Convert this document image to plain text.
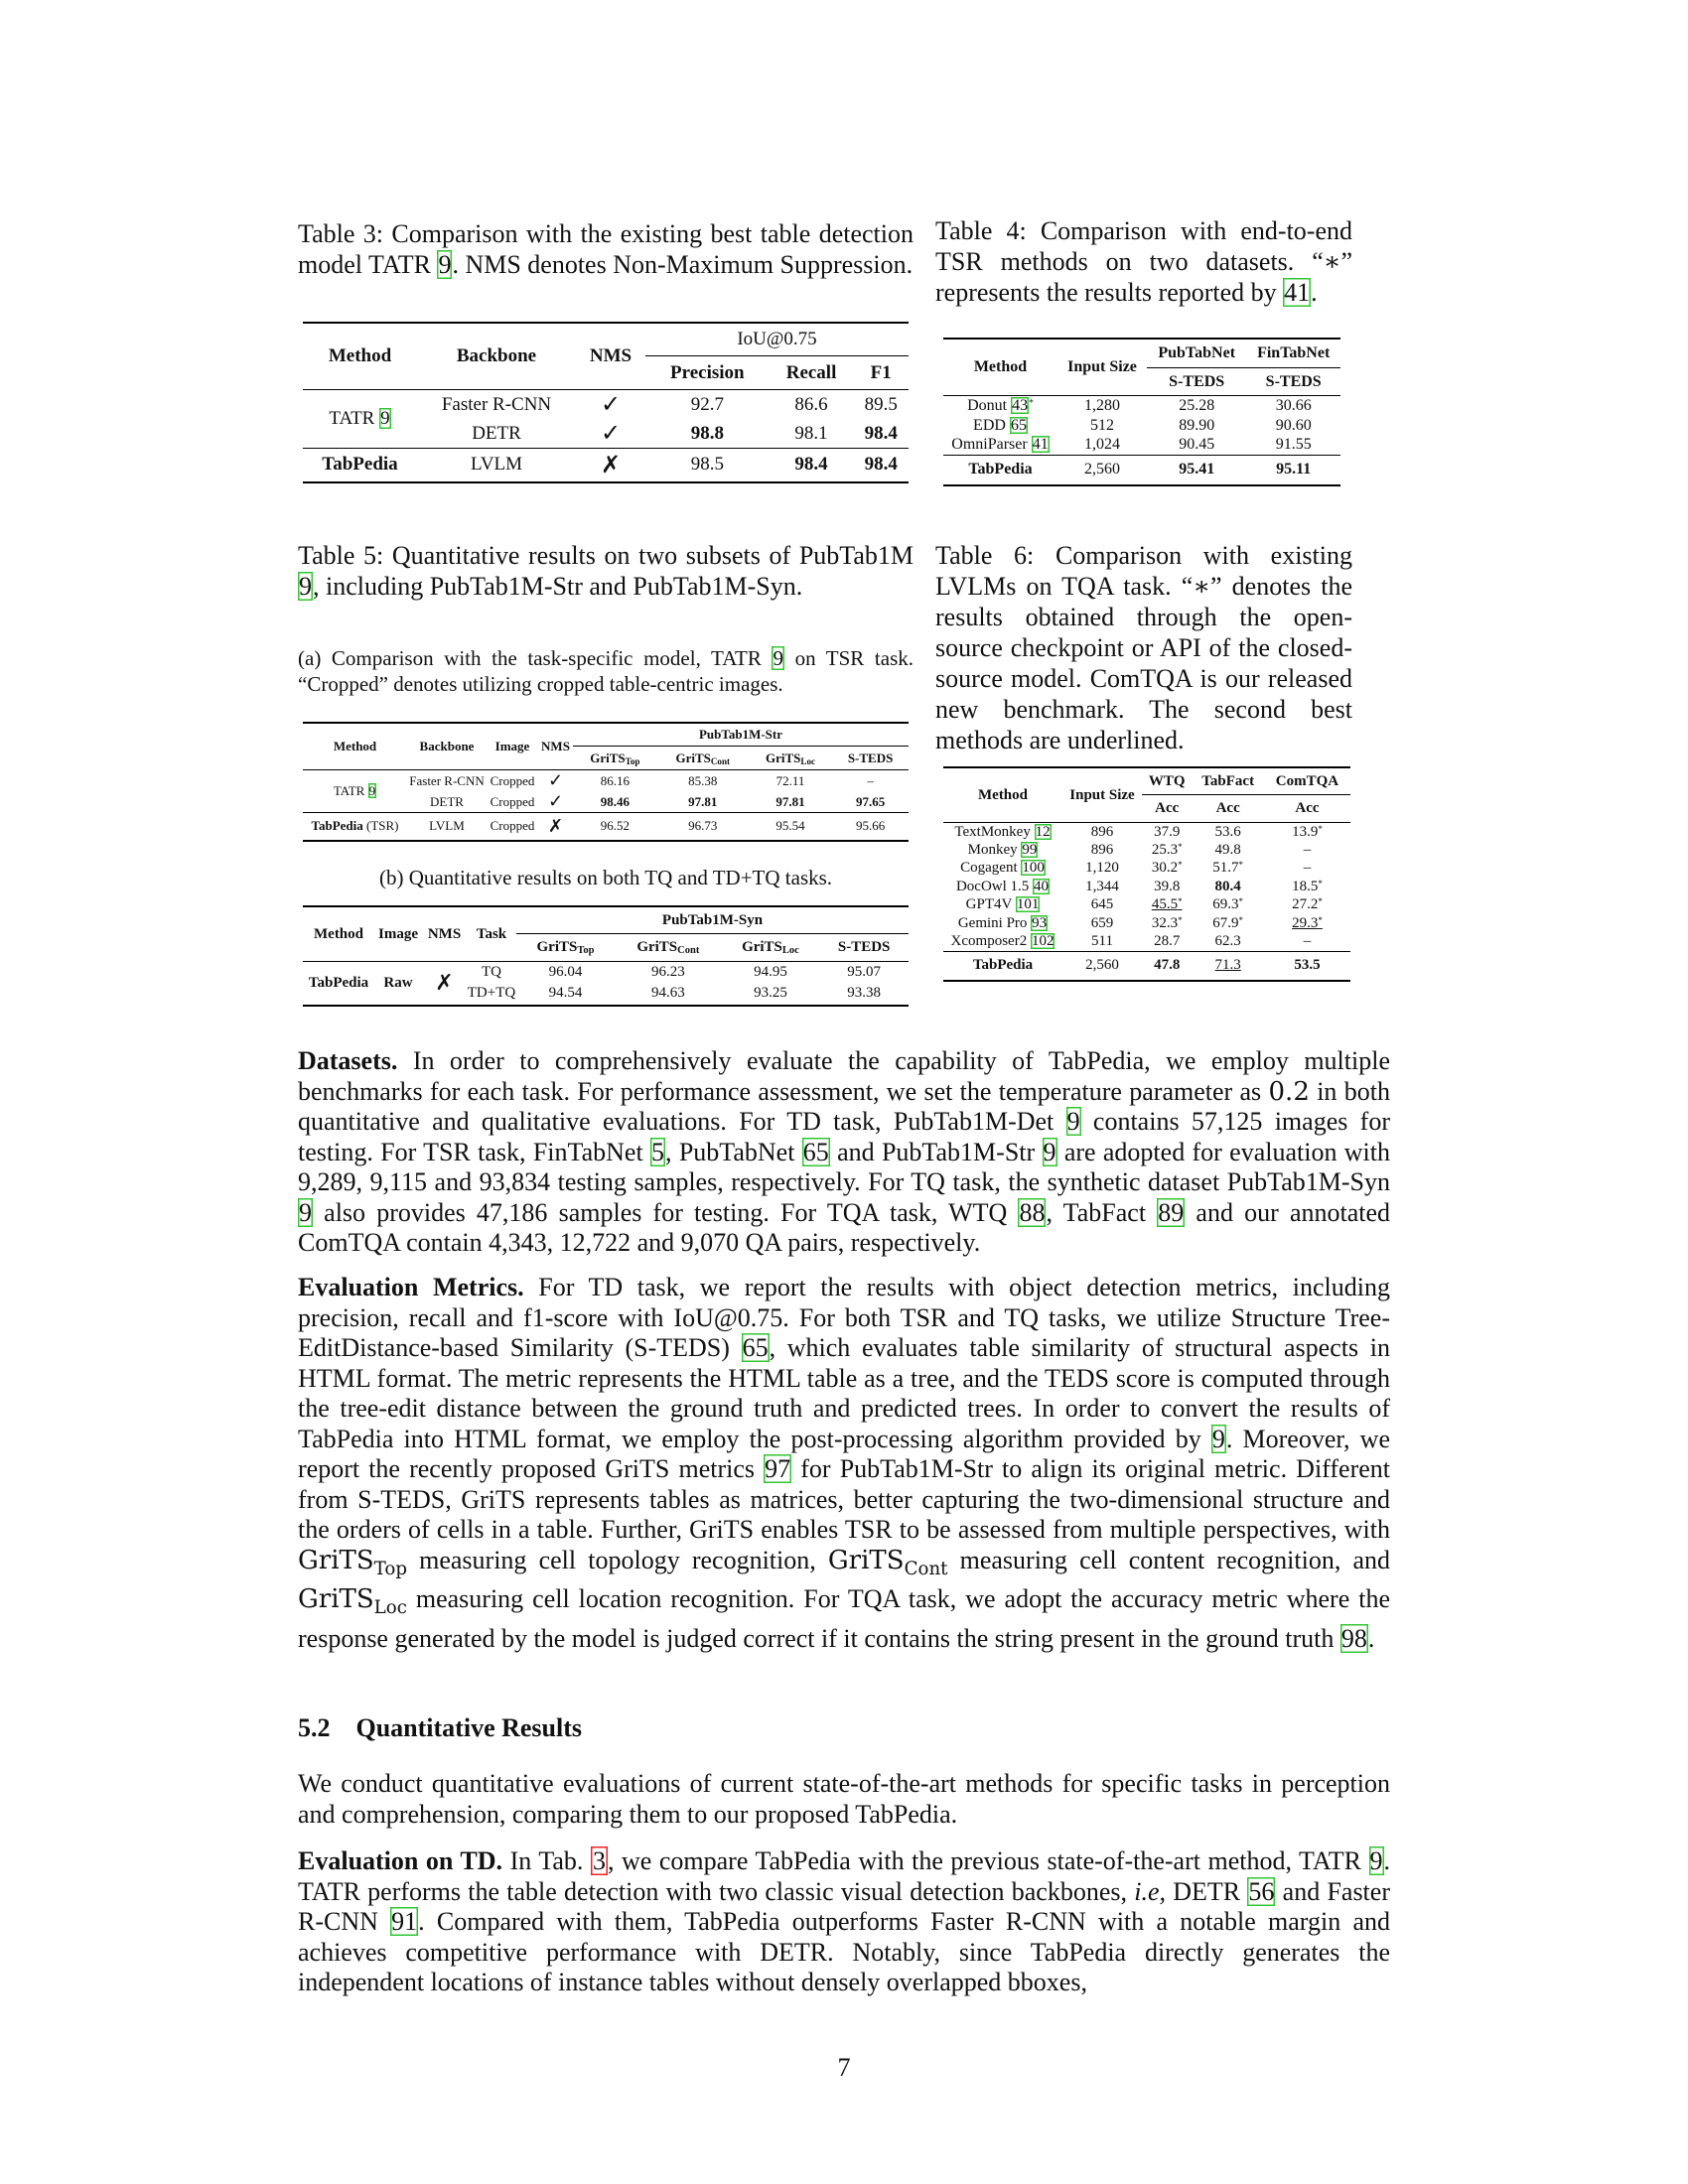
Table 3: Comparison with the existing best table detection model TATR 9. NMS denotes Non-Maximum Suppression.
Method	Backbone	NMS	IoU@0.75		
			Precision	Recall	F1
TATR 9	Faster R-CNN	✓	92.7	86.6	89.5
	DETR	✓	98.8	98.1	98.4
TabPedia	LVLM	✗	98.5	98.4	98.4
Table 4: Comparison with end-to-end TSR methods on two datasets. “∗” represents the results reported by 41.
Method	Input Size	PubTabNet	FinTabNet
		S-TEDS	S-TEDS
Donut 43*	1,280	25.28	30.66
EDD 65	512	89.90	90.60
OmniParser 41	1,024	90.45	91.55
TabPedia	2,560	95.41	95.11
Table 5: Quantitative results on two subsets of PubTab1M 9, including PubTab1M-Str and PubTab1M-Syn.
(a) Comparison with the task-specific model, TATR 9 on TSR task. “Cropped” denotes utilizing cropped table-centric images.
Method	Backbone	Image	NMS	PubTab1M-Str			
				GriTSTop	GriTSCont	GriTSLoc	S-TEDS
TATR 9	Faster R-CNN	Cropped	✓	86.16	85.38	72.11	–
	DETR	Cropped	✓	98.46	97.81	97.81	97.65
TabPedia (TSR)	LVLM	Cropped	✗	96.52	96.73	95.54	95.66
(b) Quantitative results on both TQ and TD+TQ tasks.
Method	Image	NMS	Task	PubTab1M-Syn			
				GriTSTop	GriTSCont	GriTSLoc	S-TEDS
TabPedia	Raw	✗	TQ	96.04	96.23	94.95	95.07
			TD+TQ	94.54	94.63	93.25	93.38
Table 6: Comparison with existing LVLMs on TQA task. “∗” denotes the results obtained through the open-source checkpoint or API of the closed-source model. ComTQA is our released new benchmark. The second best methods are underlined.
Method	Input Size	WTQ	TabFact	ComTQA
		Acc	Acc	Acc
TextMonkey 12	896	37.9	53.6	13.9*
Monkey 99	896	25.3*	49.8	–
Cogagent 100	1,120	30.2*	51.7*	–
DocOwl 1.5 40	1,344	39.8	80.4	18.5*
GPT4V 101	645	45.5*	69.3*	27.2*
Gemini Pro 93	659	32.3*	67.9*	29.3*
Xcomposer2 102	511	28.7	62.3	–
TabPedia	2,560	47.8	71.3	53.5
Datasets. In order to comprehensively evaluate the capability of TabPedia, we employ multiple benchmarks for each task. For performance assessment, we set the temperature parameter as 0.2 in both quantitative and qualitative evaluations. For TD task, PubTab1M-Det 9 contains 57,125 images for testing. For TSR task, FinTabNet 5, PubTabNet 65 and PubTab1M-Str 9 are adopted for evaluation with 9,289, 9,115 and 93,834 testing samples, respectively. For TQ task, the synthetic dataset PubTab1M-Syn 9 also provides 47,186 samples for testing. For TQA task, WTQ 88, TabFact 89 and our annotated ComTQA contain 4,343, 12,722 and 9,070 QA pairs, respectively.
Evaluation Metrics. For TD task, we report the results with object detection metrics, including precision, recall and f1-score with IoU@0.75. For both TSR and TQ tasks, we utilize Structure Tree-EditDistance-based Similarity (S-TEDS) 65, which evaluates table similarity of structural aspects in HTML format. The metric represents the HTML table as a tree, and the TEDS score is computed through the tree-edit distance between the ground truth and predicted trees. In order to convert the results of TabPedia into HTML format, we employ the post-processing algorithm provided by 9. Moreover, we report the recently proposed GriTS metrics 97 for PubTab1M-Str to align its original metric. Different from S-TEDS, GriTS represents tables as matrices, better capturing the two-dimensional structure and the orders of cells in a table. Further, GriTS enables TSR to be assessed from multiple perspectives, with GriTS$_{Top}$ measuring cell topology recognition, GriTS$_{Cont}$ measuring cell content recognition, and GriTS$_{Loc}$ measuring cell location recognition. For TQA task, we adopt the accuracy metric where the response generated by the model is judged correct if it contains the string present in the ground truth 98.
5.2 Quantitative Results
We conduct quantitative evaluations of current state-of-the-art methods for specific tasks in perception and comprehension, comparing them to our proposed TabPedia.
Evaluation on TD. In Tab. 3, we compare TabPedia with the previous state-of-the-art method, TATR 9. TATR performs the table detection with two classic visual detection backbones, i.e, DETR 56 and Faster R-CNN 91. Compared with them, TabPedia outperforms Faster R-CNN with a notable margin and achieves competitive performance with DETR. Notably, since TabPedia directly generates the independent locations of instance tables without densely overlapped bboxes,
7
